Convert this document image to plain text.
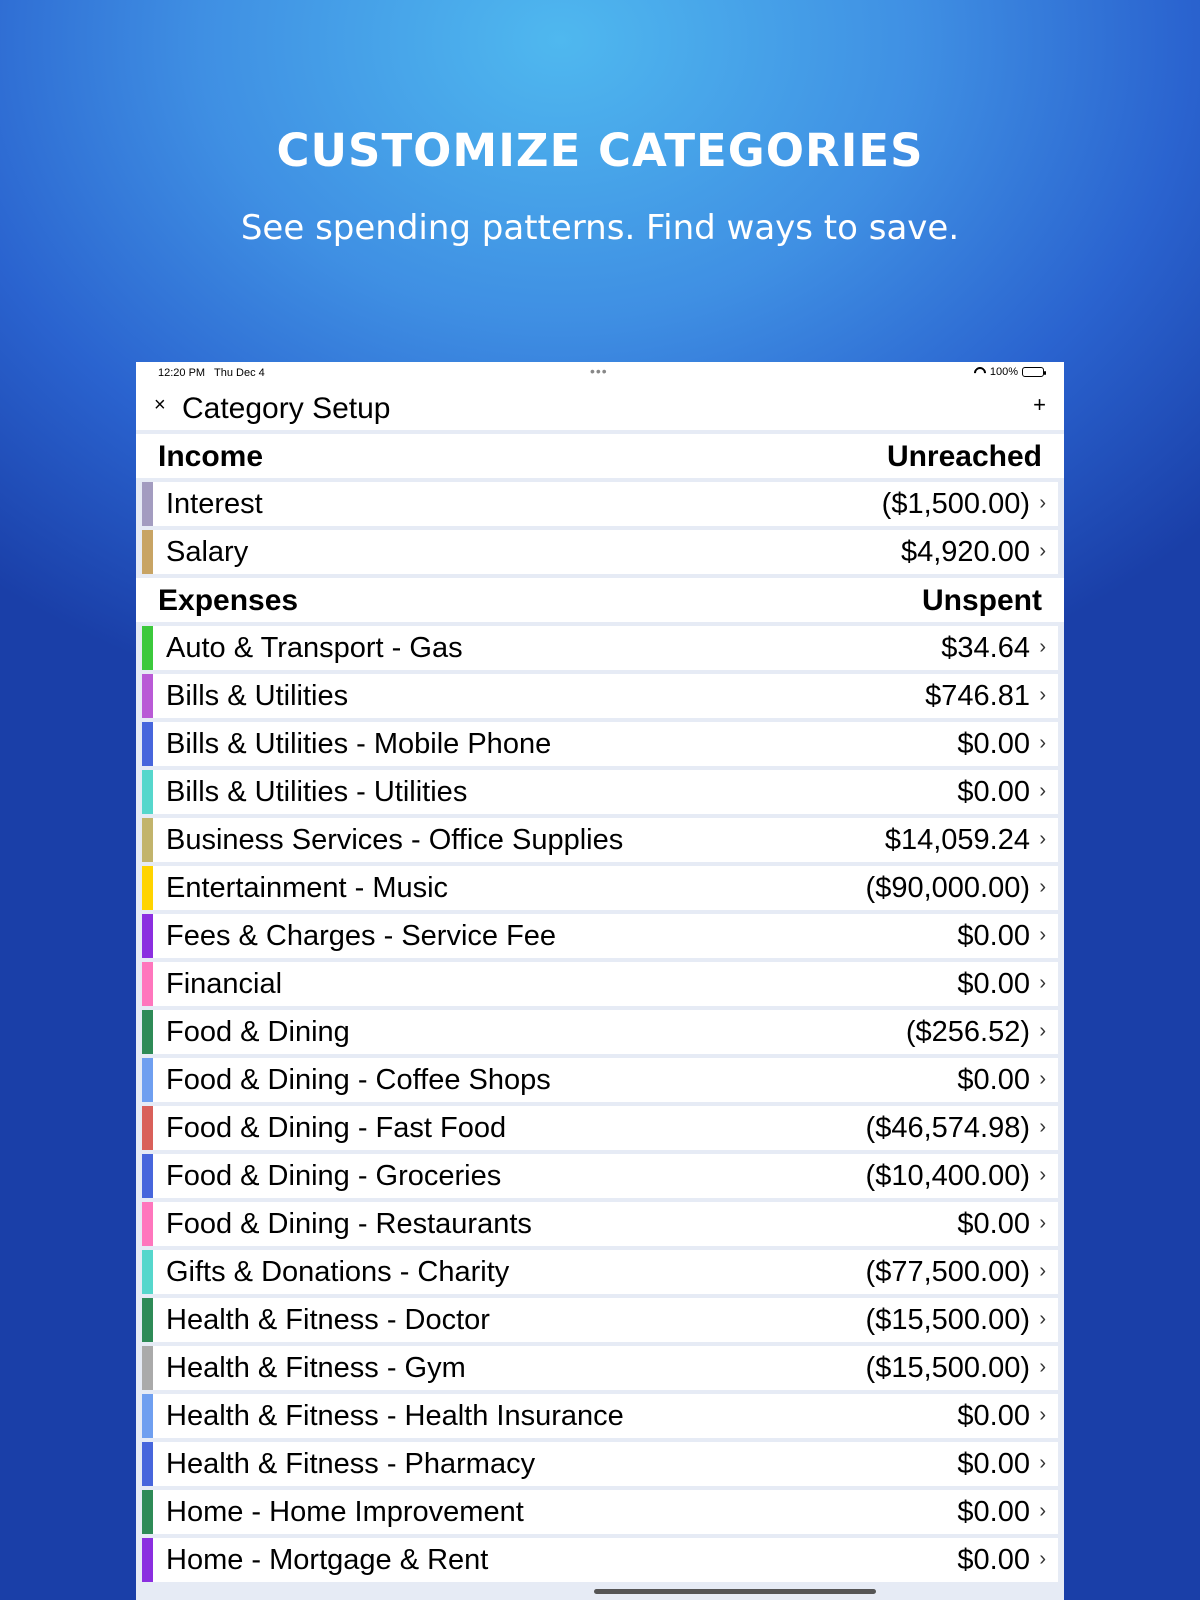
CUSTOMIZE CATEGORIES
See spending patterns. Find ways to save.
12:20 PM Thu Dec 4	•••	100%
× Category Setup	+
Income	Unreached
Interest	($1,500.00) ›
Salary	$4,920.00 ›
Expenses	Unspent
Auto & Transport - Gas	$34.64 ›
Bills & Utilities	$746.81 ›
Bills & Utilities - Mobile Phone	$0.00 ›
Bills & Utilities - Utilities	$0.00 ›
Business Services - Office Supplies	$14,059.24 ›
Entertainment - Music	($90,000.00) ›
Fees & Charges - Service Fee	$0.00 ›
Financial	$0.00 ›
Food & Dining	($256.52) ›
Food & Dining - Coffee Shops	$0.00 ›
Food & Dining - Fast Food	($46,574.98) ›
Food & Dining - Groceries	($10,400.00) ›
Food & Dining - Restaurants	$0.00 ›
Gifts & Donations - Charity	($77,500.00) ›
Health & Fitness - Doctor	($15,500.00) ›
Health & Fitness - Gym	($15,500.00) ›
Health & Fitness - Health Insurance	$0.00 ›
Health & Fitness - Pharmacy	$0.00 ›
Home - Home Improvement	$0.00 ›
Home - Mortgage & Rent	$0.00 ›
